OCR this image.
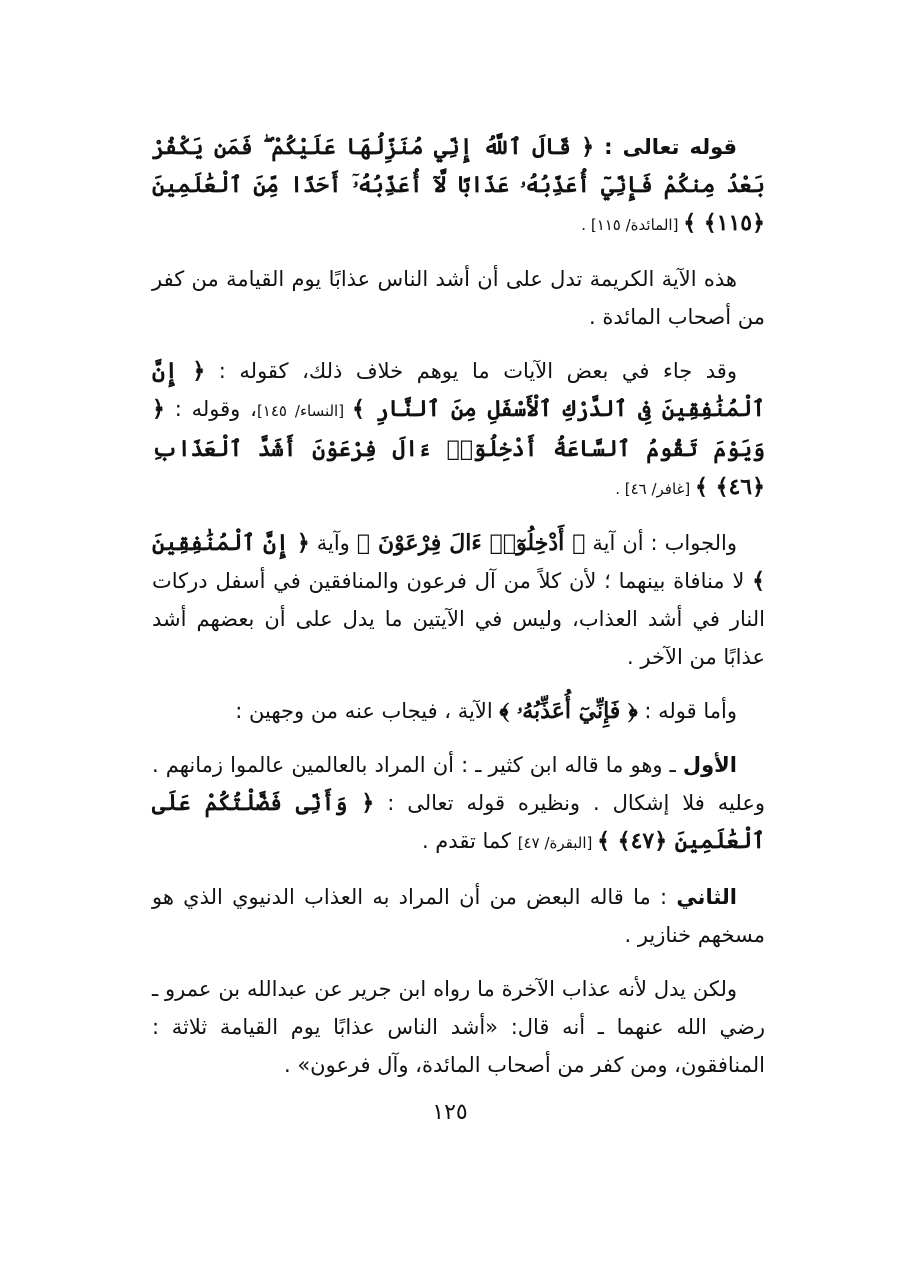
قوله تعالى : ﴿ قَالَ ٱللَّهُ إِنِّي مُنَزِّلُهَا عَلَيْكُمْ ۖ فَمَن يَكْفُرْ بَعْدُ مِنكُمْ فَإِنِّيٓ أُعَذِّبُهُۥ عَذَابًا لَّآ أُعَذِّبُهُۥٓ أَحَدًا مِّنَ ٱلْعَٰلَمِينَ ﴿١١٥﴾ ﴾ [المائدة/ ١١٥] .

هذه الآية الكريمة تدل على أن أشد الناس عذابًا يوم القيامة من كفر من أصحاب المائدة .

وقد جاء في بعض الآيات ما يوهم خلاف ذلك، كقوله : ﴿ إِنَّ ٱلْمُنَٰفِقِينَ فِى ٱلدَّرْكِ ٱلْأَسْفَلِ مِنَ ٱلنَّارِ ﴾ [النساء/ ١٤٥]، وقوله : ﴿ وَيَوْمَ تَقُومُ ٱلسَّاعَةُ أَدْخِلُوٓا۟ ءَالَ فِرْعَوْنَ أَشَدَّ ٱلْعَذَابِ ﴿٤٦﴾ ﴾ [غافر/ ٤٦] .

والجواب : أن آية ﴿ أَدْخِلُوٓا۟ ءَالَ فِرْعَوْنَ ﴾ وآية ﴿ إِنَّ ٱلْمُنَٰفِقِينَ ﴾ لا منافاة بينهما ؛ لأن كلاً من آل فرعون والمنافقين في أسفل دركات النار في أشد العذاب، وليس في الآيتين ما يدل على أن بعضهم أشد عذابًا من الآخر .

وأما قوله : ﴿ فَإِنِّيٓ أُعَذِّبُهُۥ ﴾ الآية ، فيجاب عنه من وجهين :

الأول ـ وهو ما قاله ابن كثير ـ : أن المراد بالعالمين عالموا زمانهم . وعليه فلا إشكال . ونظيره قوله تعالى : ﴿ وَأَنِّى فَضَّلْتُكُمْ عَلَى ٱلْعَٰلَمِينَ ﴿٤٧﴾ ﴾ [البقرة/ ٤٧] كما تقدم .

الثاني : ما قاله البعض من أن المراد به العذاب الدنيوي الذي هو مسخهم خنازير .

ولكن يدل لأنه عذاب الآخرة ما رواه ابن جرير عن عبدالله بن عمرو ـ رضي الله عنهما ـ أنه قال: «أشد الناس عذابًا يوم القيامة ثلاثة : المنافقون، ومن كفر من أصحاب المائدة، وآل فرعون» .

١٢٥
